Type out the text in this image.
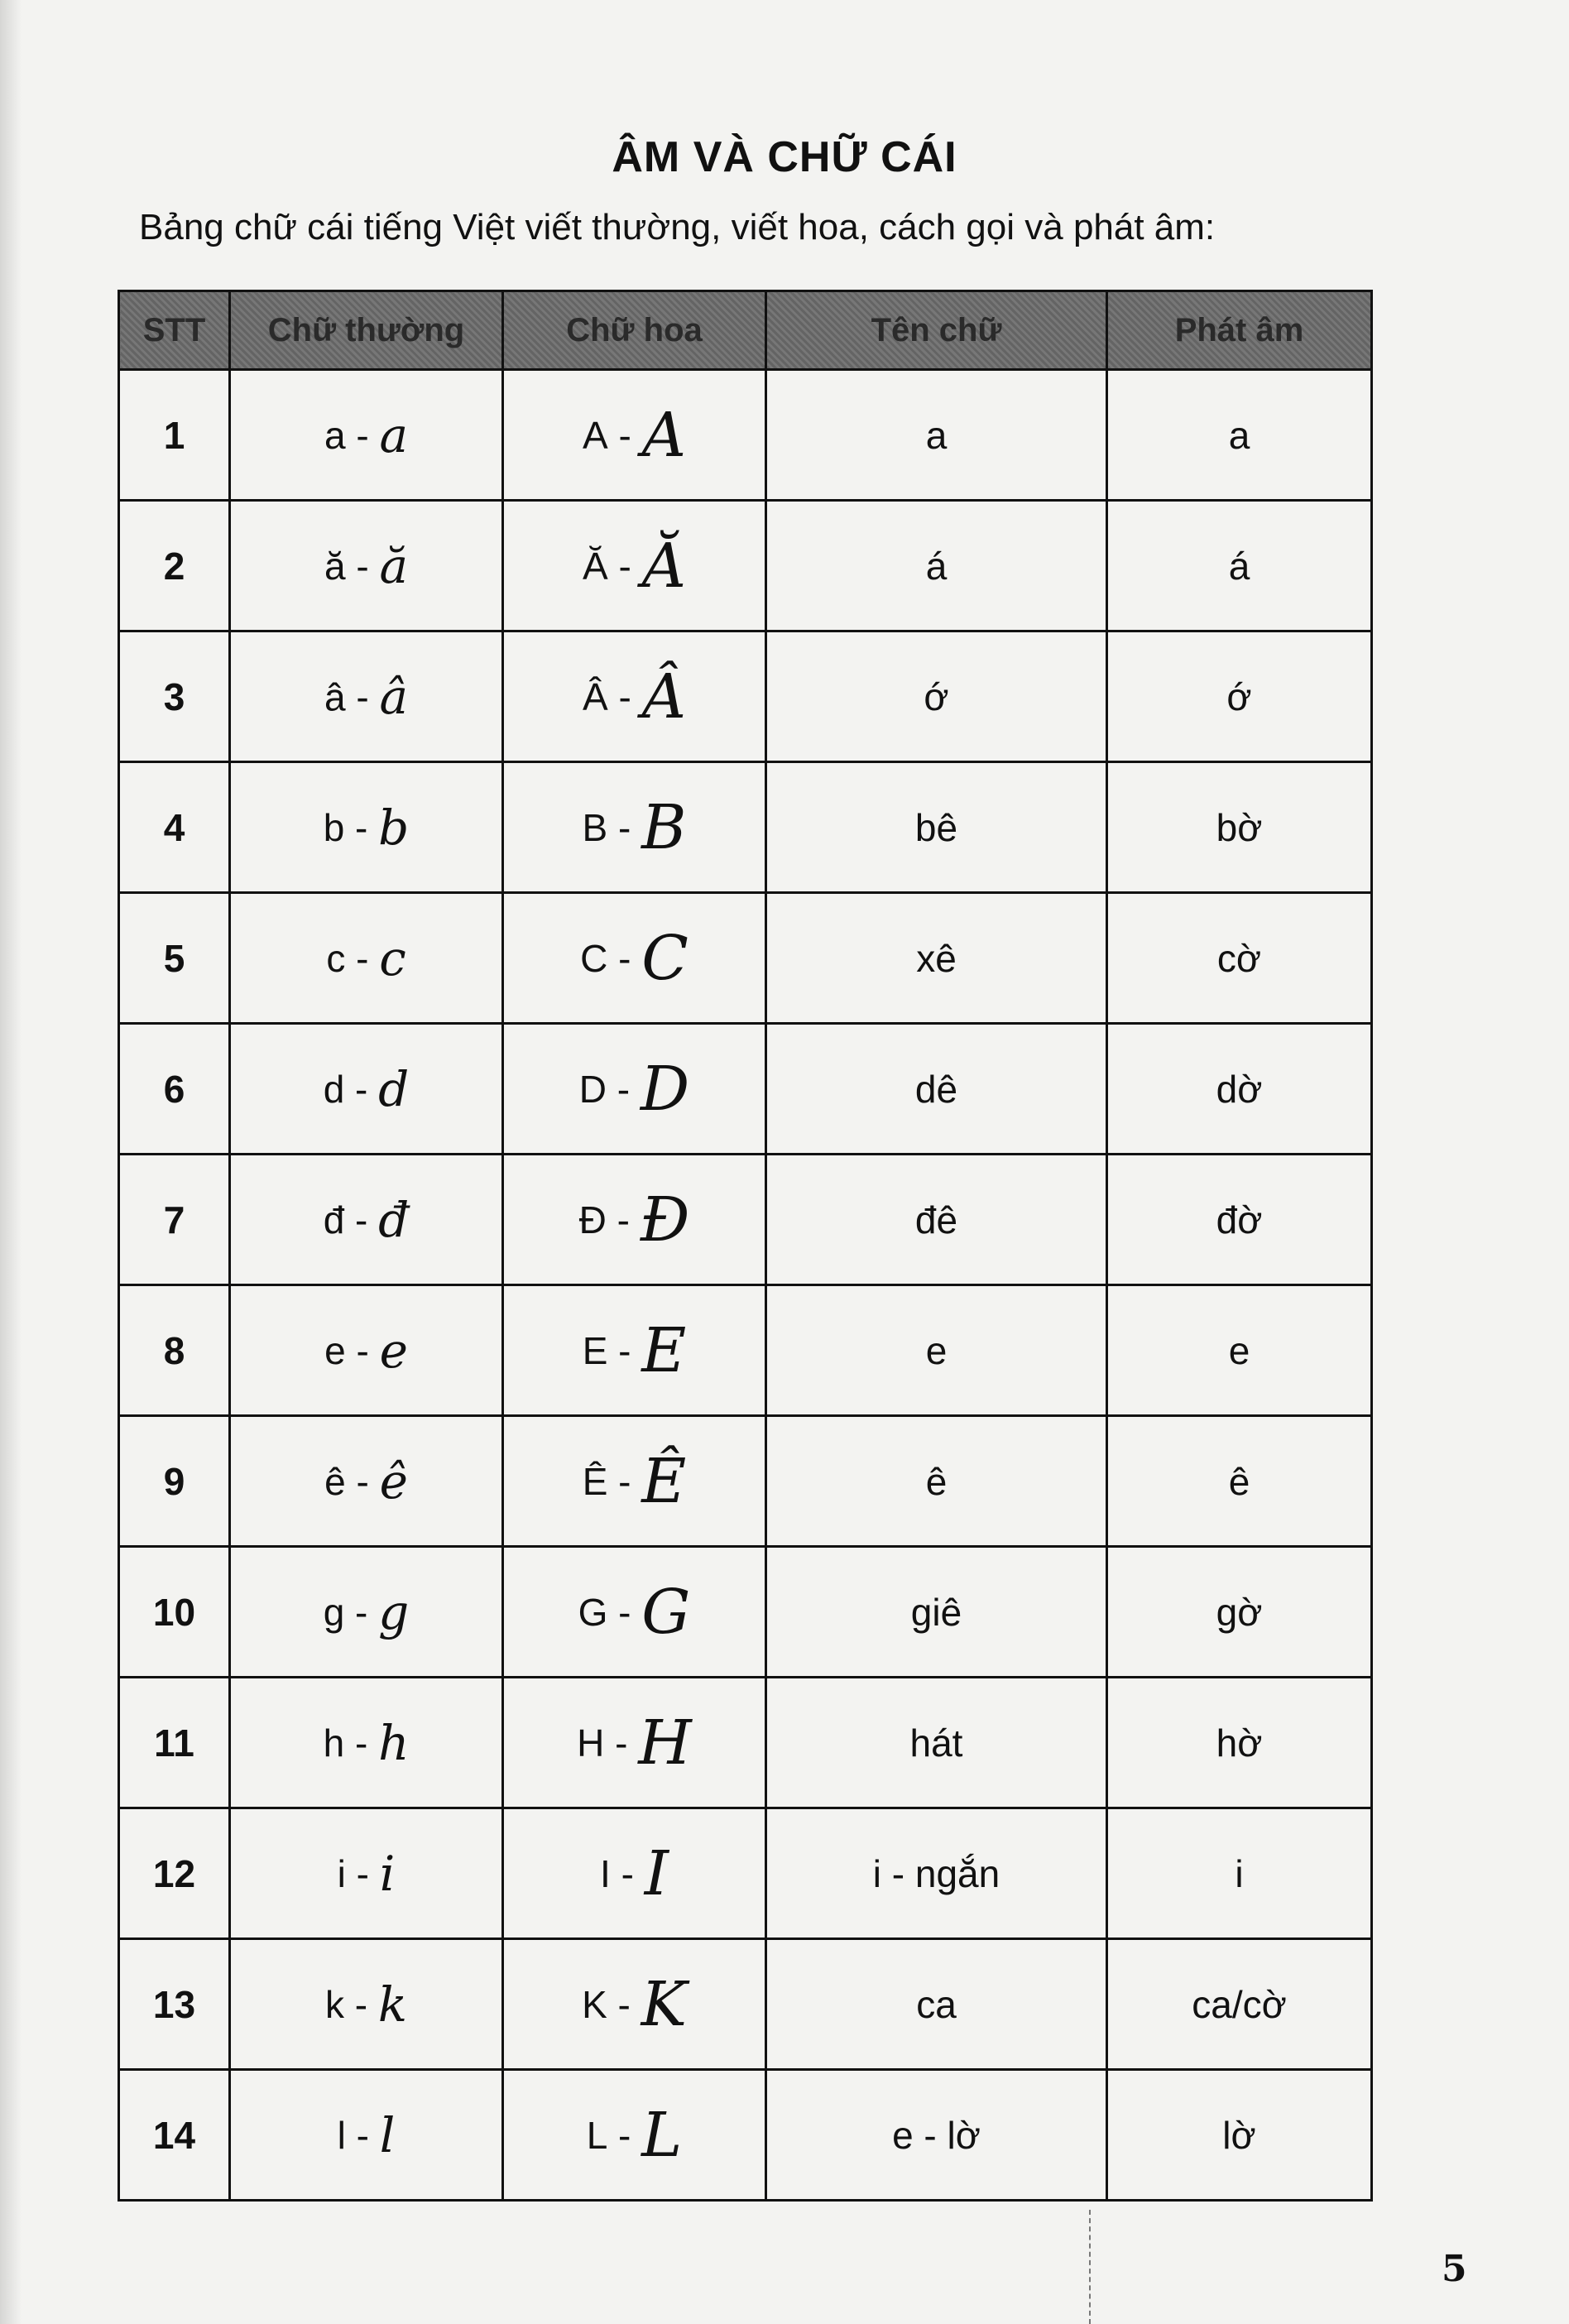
ÂM VÀ CHỮ CÁI
Bảng chữ cái tiếng Việt viết thường, viết hoa, cách gọi và phát âm:
STT	Chữ thường	Chữ hoa	Tên chữ	Phát âm
1	a - a	A - A	a	a
2	ă - ă	Ă - Ă	á	á
3	â - â	Â - Â	ớ	ớ
4	b - b	B - B	bê	bờ
5	c - c	C - C	xê	cờ
6	d - d	D - D	dê	dờ
7	đ - đ	Đ - Đ	đê	đờ
8	e - e	E - E	e	e
9	ê - ê	Ê - Ê	ê	ê
10	g - g	G - G	giê	gờ
11	h - h	H - H	hát	hờ
12	i - i	I - I	i - ngắn	i
13	k - k	K - K	ca	ca/cờ
14	l - l	L - L	e - lờ	lờ
5
